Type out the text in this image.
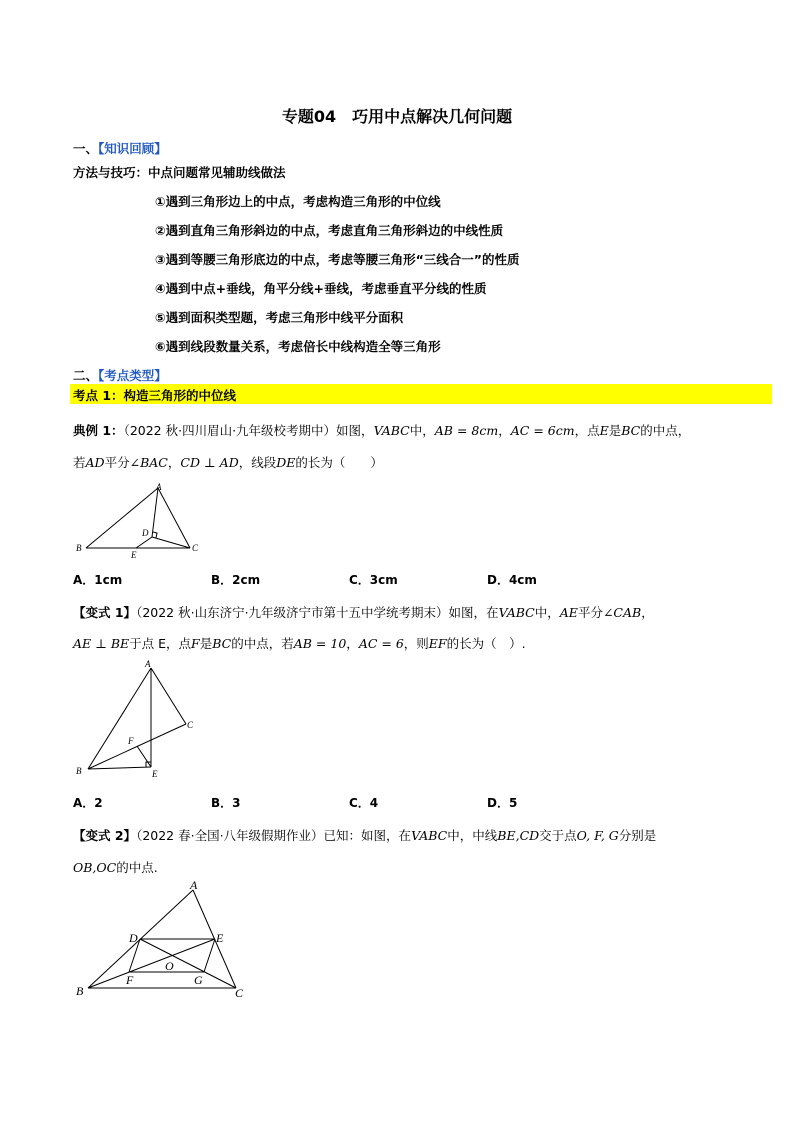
专题04　巧用中点解决几何问题
一、【知识回顾】
方法与技巧：中点问题常见辅助线做法
①遇到三角形边上的中点，考虑构造三角形的中位线
②遇到直角三角形斜边的中点，考虑直角三角形斜边的中线性质
③遇到等腰三角形底边的中点，考虑等腰三角形“三线合一”的性质
④遇到中点+垂线，角平分线+垂线，考虑垂直平分线的性质
⑤遇到面积类型题，考虑三角形中线平分面积
⑥遇到线段数量关系，考虑倍长中线构造全等三角形
二、【考点类型】
考点 1：构造三角形的中位线
典例 1：（2022 秋·四川眉山·九年级校考期中）如图，VABC中，AB = 8cm，AC = 6cm，点E是BC的中点，
若AD平分∠BAC，CD ⊥ AD，线段DE的长为（　　）
A
B	C
D
E
A．1cm	B．2cm	C．3cm	D．4cm
【变式 1】（2022 秋·山东济宁·九年级济宁市第十五中学统考期末）如图，在VABC中，AE平分∠CAB，
AE ⊥ BE于点 E，点F是BC的中点，若AB = 10，AC = 6，则EF的长为（　）.
A
B
C
E
F
A．2	B．3	C．4	D．5
【变式 2】（2022 春·全国·八年级假期作业）已知：如图，在VABC中，中线BE,CD交于点O, F, G分别是
OB,OC的中点.
A
B	C
D	E
F	G
O
